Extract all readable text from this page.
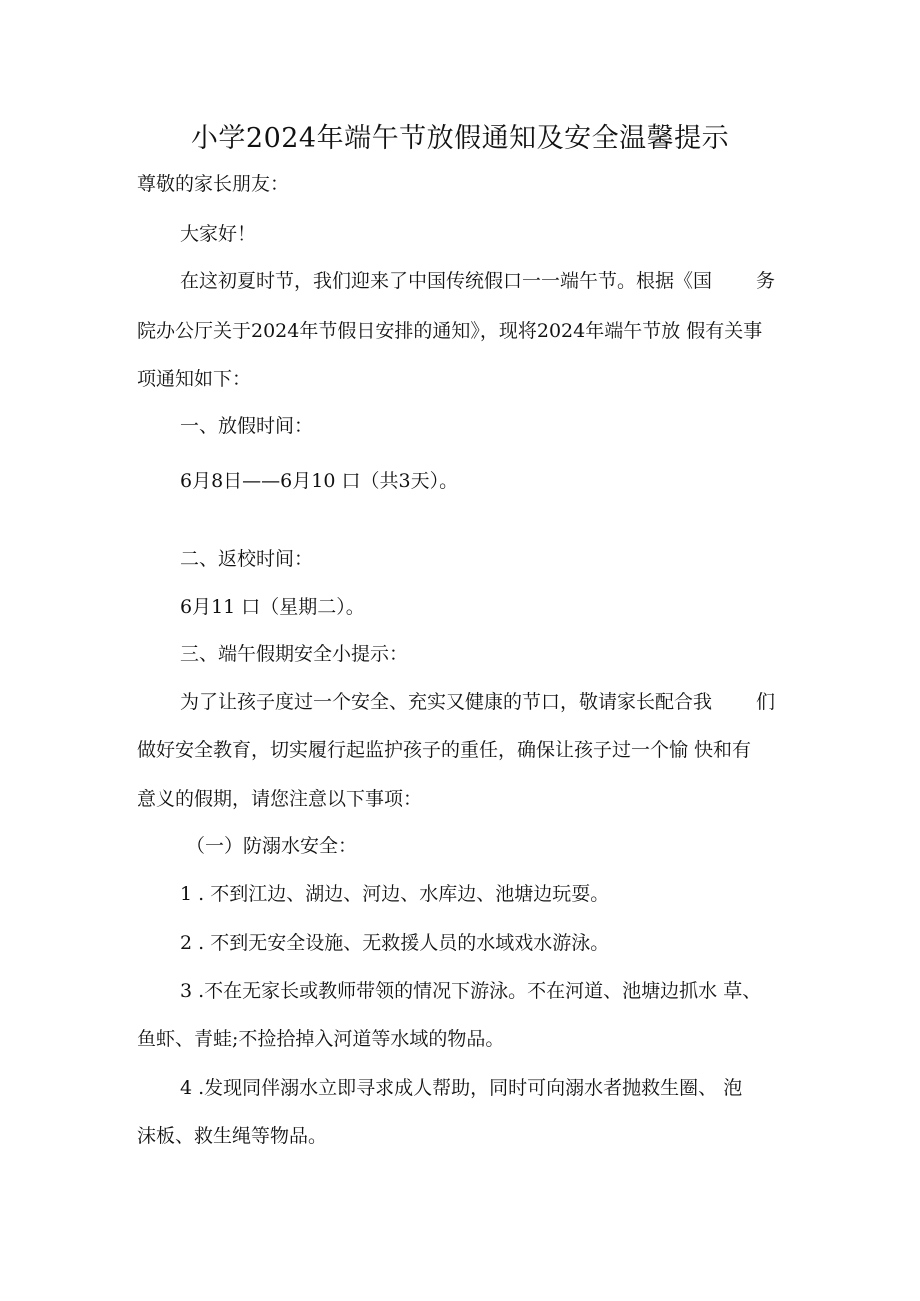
小学2024年端午节放假通知及安全温馨提示
尊敬的家长朋友：
大家好！
在这初夏时节，我们迎来了中国传统假口一一端午节。根据《国 务
院办公厅关于2024年节假日安排的通知》，现将2024年端午节放 假有关事
项通知如下：
一、放假时间：
6月8日——6月10 口（共3天）。
二、返校时间：
6月11 口（星期二）。
三、端午假期安全小提示：
为了让孩子度过一个安全、充实又健康的节口，敬请家长配合我 们
做好安全教育，切实履行起监护孩子的重任，确保让孩子过一个愉 快和有
意义的假期，请您注意以下事项：
（一）防溺水安全：
1 . 不到江边、湖边、河边、水库边、池塘边玩耍。
2 . 不到无安全设施、无救援人员的水域戏水游泳。
3 .不在无家长或教师带领的情况下游泳。不在河道、池塘边抓水 草、
鱼虾、青蛙;不捡拾掉入河道等水域的物品。
4 .发现同伴溺水立即寻求成人帮助，同时可向溺水者抛救生圈、 泡
沫板、救生绳等物品。
